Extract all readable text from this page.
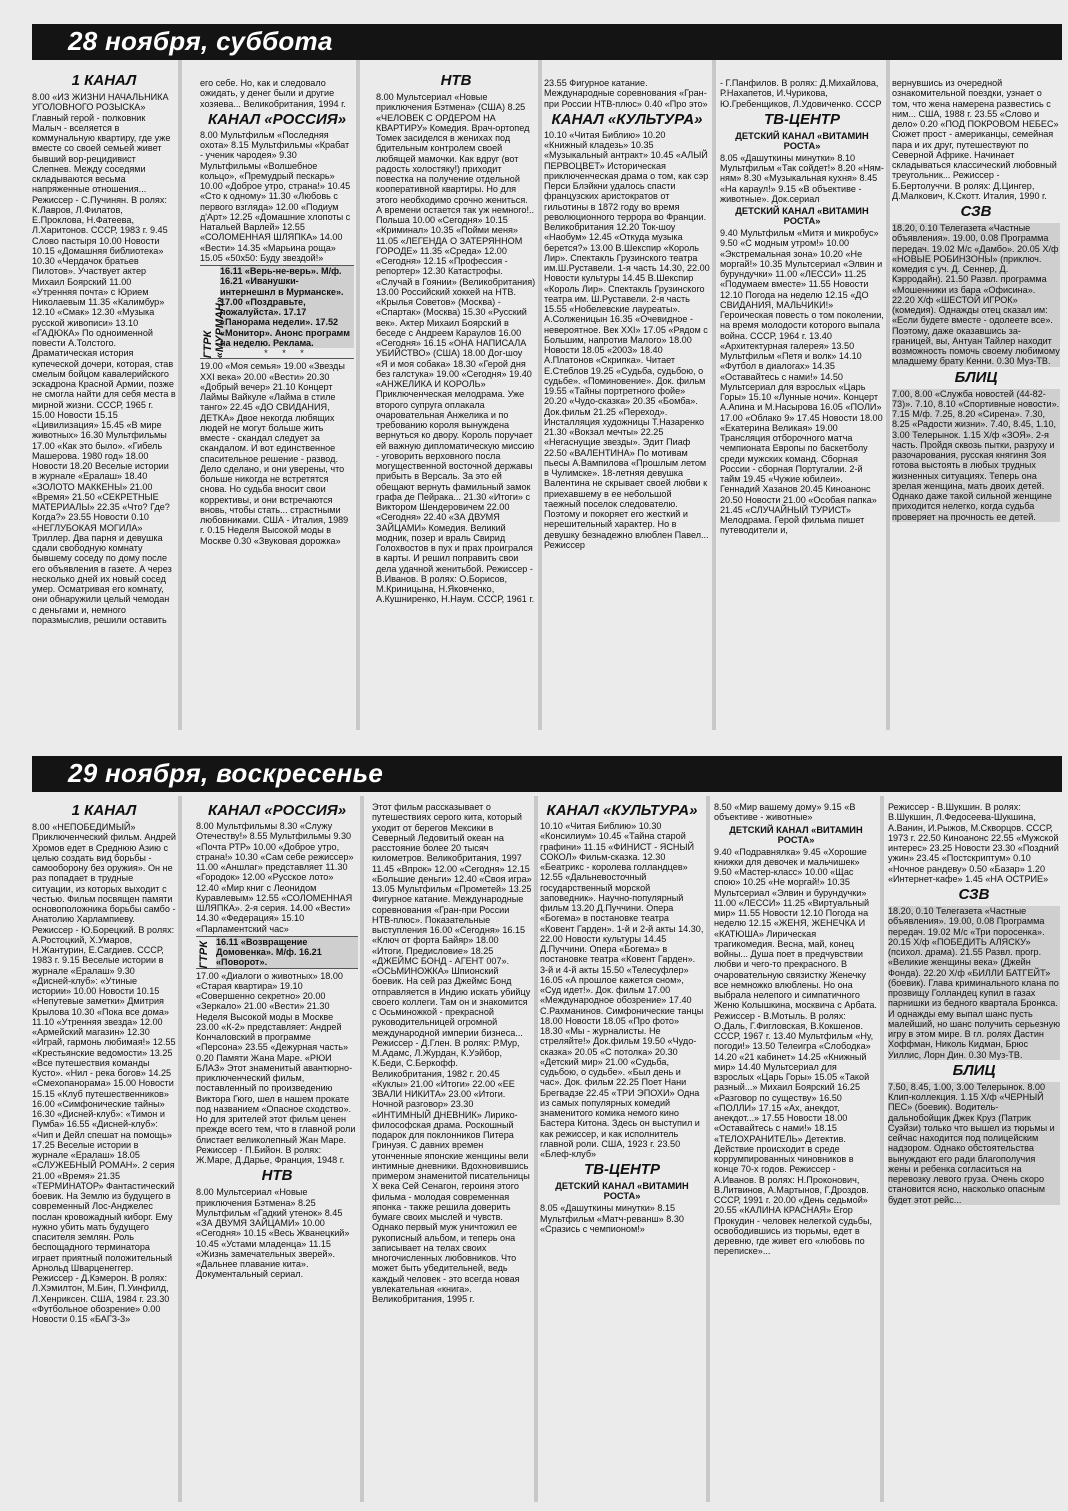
28 ноября, суббота
1 КАНАЛ

8.00 «ИЗ ЖИЗНИ НАЧАЛЬНИКА УГОЛОВНОГО РОЗЫСКА» Главный герой - полковник Малыч - вселяется в коммунальную квартиру, где уже вместе со своей семьей живет бывший вор-рецидивист Слепнев. Между соседями складываются весьма напряженные отношения... Режиссер - С.Пучинян. В ролях: К.Лавров, Л.Филатов, Е.Проклова, Н.Фатеева, Л.Харитонов. СССР, 1983 г. 9.45 Слово пастыря 10.00 Новости 10.15 «Домашняя библиотека» 10.30 «Чердачок братьев Пилотов». Участвует актер Михаил Боярский 11.00 «Утренняя почта» с Юрием Николаевым 11.35 «Калимбур» 12.10 «Смак» 12.30 «Музыка русской живописи» 13.10 «ГАДЮКА» По одноименной повести А.Толстого. Драматическая история купеческой дочери, которая, став смелым бойцом кавалерийского эскадрона Красной Армии, позже не смогла найти для себя места в мирной жизни. СССР, 1965 г. 15.00 Новости 15.15 «Цивилизация» 15.45 «В мире животных» 16.30 Мультфильмы 17.00 «Как это было». «Гибель Машерова. 1980 год» 18.00 Новости 18.20 Веселые истории в журнале «Ералаш» 18.40 «ЗОЛОТО МАККЕНЫ» 21.00 «Время» 21.50 «СЕКРЕТНЫЕ МАТЕРИАЛЫ» 22.35 «Что? Где? Когда?» 23.55 Новости 0.10 «НЕГЛУБОКАЯ МОГИЛА» Триллер. Два парня и девушка сдали свободную комнату бывшему соседу по дому после его объявления в газете. А через несколько дней их новый сосед умер. Осматривая его комнату, они обнаружили целый чемодан с деньгами и, немного поразмыслив, решили оставить

его себе. Но, как и следовало ожидать, у денег были и другие хозяева... Великобритания, 1994 г.

КАНАЛ «РОССИЯ»

8.00 Мультфильм «Последняя охота» 8.15 Мультфильмы «Крабат - ученик чародея» 9.30 Мультфильмы «Волшебное кольцо», «Премудрый пескарь» 10.00 «Доброе утро, страна!» 10.45 «Сто к одному» 11.30 «Любовь с первого взгляда» 12.00 «Подиум д'Арт» 12.25 «Домашние хлопоты с Натальей Варлей» 12.55 «СОЛОМЕННАЯ ШЛЯПКА» 14.00 «Вести» 14.35 «Марьина роща» 15.05 «50х50: Буду звездой!»

ГТРК «МУРМАН»

16.11 «Верь-не-верь». М/ф. 16.21 «Иванушки-интернешнл в Мурманске». 17.00 «Поздравьте, пожалуйста». 17.17 «Панорама недели». 17.52 «Монитор». Анонс программ на неделю. Реклама.

* * *

19.00 «Моя семья» 19.00 «Звезды XXI века» 20.00 «Вести» 20.30 «Добрый вечер» 21.10 Концерт Лаймы Вайкуле «Лайма в стиле танго» 22.45 «ДО СВИДАНИЯ, ДЕТКА» Двое некогда любящих людей не могут больше жить вместе - скандал следует за скандалом. И вот единственное спасительное решение - развод. Дело сделано, и они уверены, что больше никогда не встретятся снова. Но судьба вносит свои коррективы, и они встречаются вновь, чтобы стать... страстными любовниками. США - Италия, 1989 г. 0.15 Неделя Высокой моды в Москве 0.30 «Звуковая дорожка»

НТВ

8.00 Мультсериал «Новые приключения Бэтмена» (США) 8.25 «ЧЕЛОВЕК С ОРДЕРОМ НА КВАРТИРУ» Комедия. Врач-ортопед Томек засиделся в женихах под бдительным контролем своей любящей мамочки. Как вдруг (вот радость холостяку!) приходит повестка на получение отдельной кооперативной квартиры. Но для этого необходимо срочно жениться. А времени остается так уж немного!.. Польша 10.00 «Сегодня» 10.15 «Криминал» 10.35 «Пойми меня» 11.05 «ЛЕГЕНДА О ЗАТЕРЯННОМ ГОРОДЕ» 11.35 «Среда» 12.00 «Сегодня» 12.15 «Профессия - репортер» 12.30 Катастрофы. «Случай в Гоянии» (Великобритания) 13.00 Российский хоккей на НТВ. «Крылья Советов» (Москва) - «Спартак» (Москва) 15.30 «Русский век». Актер Михаил Боярский в беседе с Андреем Караулов 16.00 «Сегодня» 16.15 «ОНА НАПИСАЛА УБИЙСТВО» (США) 18.00 Дог-шоу «Я и моя собака» 18.30 «Герой дня без галстука» 19.00 «Сегодня» 19.40 «АНЖЕЛИКА И КОРОЛЬ» Приключенческая мелодрама. Уже второго супруга оплакала очаровательная Анжелика и по требованию короля вынуждена вернуться ко двору. Король поручает ей важную дипломатическую миссию - уговорить верховного посла могущественной восточной державы прибыть в Версаль. За это ей обещают вернуть фамильный замок графа де Пейрака... 21.30 «Итоги» с Виктором Шендеровичем 22.00 «Сегодня» 22.40 «ЗА ДВУМЯ ЗАЙЦАМИ» Комедия. Великий модник, позер и враль Свирид Голохвостов в пух и прах проигрался в карты. И решил поправить свои дела удачной женитьбой. Режиссер - В.Иванов. В ролях: О.Борисов, М.Криницына, Н.Яковченко, А.Кушниренко, Н.Наум. СССР, 1961 г.

23.55 Фигурное катание. Международные соревнования «Гран-при России НТВ-плюс» 0.40 «Про это»

КАНАЛ «КУЛЬТУРА»

10.10 «Читая Библию» 10.20 «Книжный кладезь» 10.35 «Музыкальный антракт» 10.45 «АЛЫЙ ПЕРВОЦВЕТ» Историческая приключенческая драма о том, как сэр Перси Блэйкни удалось спасти французских аристократов от гильотины в 1872 году во время революционного террора во Франции. Великобритания 12.20 Ток-шоу «Наобум» 12.45 «Откуда музыка берется?» 13.00 В.Шекспир «Король Лир». Спектакль Грузинского театра им.Ш.Руставели. 1-я часть 14.30, 22.00 Новости культуры 14.45 В.Шекспир «Король Лир». Спектакль Грузинского театра им. Ш.Руставели. 2-я часть 15.55 «Нобелевские лауреаты». А.Солженицын 16.35 «Очевидное - невероятное. Век XXI» 17.05 «Рядом с Большим, напротив Малого» 18.00 Новости 18.05 «2003» 18.40 А.Платонов «Скрипка». Читает Е.Стеблов 19.25 «Судьба, судьбою, о судьбе». «Поминовение». Док. фильм 19.55 «Тайны портретного фойе» 20.20 «Чудо-сказка» 20.35 «Бомба». Док.фильм 21.25 «Переход». Инсталляция художницы Т.Назаренко 21.30 «Вокзал мечты» 22.25 «Негаснущие звезды». Эдит Пиаф 22.50 «ВАЛЕНТИНА» По мотивам пьесы А.Вампилова «Прошлым летом в Чулимске». 18-летняя девушка Валентина не скрывает своей любви к приехавшему в ее небольшой таежный поселок следователю. Поэтому и покоряет его жесткий и нерешительный характер. Но в девушку безнадежно влюблен Павел... Режиссер

- Г.Панфилов. В ролях: Д.Михайлова, Р.Нахапетов, И.Чурикова, Ю.Гребенщиков, Л.Удовиченко. СССР

ТВ-ЦЕНТР
ДЕТСКИЙ КАНАЛ «ВИТАМИН РОСТА»

8.05 «Дашуткины минутки» 8.10 Мультфильм «Так сойдет!» 8.20 «Ням-ням» 8.30 «Музыкальная кухня» 8.45 «На караул!» 9.15 «В объективе - животные». Док.сериал

ДЕТСКИЙ КАНАЛ «ВИТАМИН РОСТА»

9.40 Мультфильм «Митя и микробус» 9.50 «С модным утром!» 10.00 «Экстремальная зона» 10.20 «Не моргай!» 10.35 Мультсериал «Элвин и бурундучки» 11.00 «ЛЕССИ» 11.25 «Подумаем вместе» 11.55 Новости 12.10 Погода на неделю 12.15 «ДО СВИДАНИЯ, МАЛЬЧИКИ!» Героическая повесть о том поколении, на время молодости которого выпала война. СССР, 1964 г. 13.40 «Архитектурная галерея» 13.50 Мультфильм «Петя и волк» 14.10 «Футбол в диалогах» 14.35 «Оставайтесь с нами!» 14.50 Мультсериал для взрослых «Царь Горы» 15.10 «Лунные ночи». Концерт А.Апина и М.Насырова 16.05 «ПОЛИ» 17.00 «Облако 9» 17.45 Новости 18.00 «Екатерина Великая» 19.00 Трансляция отборочного матча чемпионата Европы по баскетболу среди мужских команд. Сборная России - сборная Португалии. 2-й тайм 19.45 «Чужие юбилеи». Геннадий Хазанов 20.45 Киноанонс 20.50 Новости 21.00 «Особая папка» 21.45 «СЛУЧАЙНЫЙ ТУРИСТ» Мелодрама. Герой фильма пишет путеводители и,

вернувшись из очередной ознакомительной поездки, узнает о том, что жена намерена развестись с ним... США, 1988 г. 23.55 «Слово и дело» 0.20 «ПОД ПОКРОВОМ НЕБЕС» Сюжет прост - американцы, семейная пара и их друг, путешествуют по Северной Африке. Начинает складываться классический любовный треугольник... Режиссер - Б.Бертолуччи. В ролях: Д.Цингер, Д.Малкович, К.Скотт. Италия, 1990 г.

СЗВ

18.20, 0.10 Телегазета «Частные объявления». 19.00, 0.08 Программа передач. 19.02 М/с «Дамбо». 20.05 Х/ф «НОВЫЕ РОБИНЗОНЫ» (приключ. комедия с уч. Д. Сеннер, Д. Кэрродайн). 21.50 Развл. программа «Мошенники из бара «Офисина». 22.20 Х/ф «ШЕСТОЙ ИГРОК» (комедия). Однажды отец сказал им: «Если будете вместе - одолеете все». Поэтому, даже оказавшись за-границей, вы, Антуан Тайлер находит возможность помочь своему любимому младшему брату Кенни. 0.30 Муз-ТВ.

БЛИЦ

7.00, 8.00 «Служба новостей (44-82-73)». 7.10, 8.10 «Спортивные новости». 7.15 М/ф. 7.25, 8.20 «Сирена». 7.30, 8.25 «Радости жизни». 7.40, 8.45, 1.10, 3.00 Телерынок. 1.15 Х/ф «ЗОЯ». 2-я часть. Пройдя сквозь пытки, разруху и разочарования, русская княгиня Зоя готова выстоять в любых трудных жизненных ситуациях. Теперь она зрелая женщина, мать двоих детей. Однако даже такой сильной женщине приходится нелегко, когда судьба проверяет на прочность ее детей.

29 ноября, воскресенье
1 КАНАЛ

8.00 «НЕПОБЕДИМЫЙ» Приключенческий фильм. Андрей Хромов едет в Среднюю Азию с целью создать вид борьбы - самооборону без оружия». Он не раз попадает в трудные ситуации, из которых выходит с честью. Фильм посвящен памяти основоположника борьбы самбо - Анатолию Харлампиеву. Режиссер - Ю.Борецкий. В ролях: А.Ростоцкий, Х.Умаров, Н.Жантурин, Е.Сагдиев. СССР, 1983 г. 9.15 Веселые истории в журнале «Ералаш» 9.30 «Дисней-клуб»: «Утиные истории» 10.00 Новости 10.15 «Непутевые заметки» Дмитрия Крылова 10.30 «Пока все дома» 11.10 «Утренняя звезда» 12.00 «Армейский магазин» 12.30 «Играй, гармонь любимая!» 12.55 «Крестьянские ведомости» 13.25 «Все путешествия команды Кусто». «Нил - река богов» 14.25 «Смехопанорама» 15.00 Новости 15.15 «Клуб путешественников» 16.00 «Симфонические тайны» 16.30 «Дисней-клуб»: «Тимон и Пумба» 16.55 «Дисней-клуб»: «Чип и Дейл спешат на помощь» 17.25 Веселые истории в журнале «Ералаш» 18.05 «СЛУЖЕБНЫЙ РОМАН». 2 серия 21.00 «Время» 21.35 «ТЕРМИНАТОР» Фантастический боевик. На Землю из будущего в современный Лос-Анджелес послан кровожадный киборг. Ему нужно убить мать будущего спасителя землян. Роль беспощадного терминатора играет приятный положительный Арнольд Шварценеггер. Режиссер - Д.Кэмерон. В ролях: Л.Хэмилтон, М.Бин, П.Уинфилд, Л.Хенриксен. США, 1984 г. 23.30 «Футбольное обозрение» 0.00 Новости 0.15 «БАГЗ-3»

КАНАЛ «РОССИЯ»

8.00 Мультфильмы 8.30 «Служу Отечеству!» 8.55 Мультфильмы 9.30 «Почта РТР» 10.00 «Доброе утро, страна!» 10.30 «Сам себе режиссер» 11.00 «Аншлаг» представляет 11.30 «Городок» 12.00 «Русское лото» 12.40 «Мир книг с Леонидом Куравлевым» 12.55 «СОЛОМЕННАЯ ШЛЯПКА». 2-я серия. 14.00 «Вести» 14.30 «Федерация» 15.10 «Парламентский час»

ГТРК 16.11 «Возвращение Домовенка». М/ф. 16.21 «Поворот».

17.00 «Диалоги о животных» 18.00 «Старая квартира» 19.10 «Совершенно секретно» 20.00 «Зеркало» 21.00 «Вести» 21.30 Неделя Высокой моды в Москве 23.00 «К-2» представляет: Андрей Кончаловский в программе «Персона» 23.55 «Дежурная часть» 0.20 Памяти Жана Маре. «РЮИ БЛАЗ» Этот знаменитый авантюрно-приключенческий фильм, поставленный по произведению Виктора Гюго, шел в нашем прокате под названием «Опасное сходство». Но для зрителей этот фильм ценен прежде всего тем, что в главной роли блистает великолепный Жан Маре. Режиссер - П.Бийон. В ролях: Ж.Маре, Д.Дарье, Франция, 1948 г.

НТВ

8.00 Мультсериал «Новые приключения Бэтмена» 8.25 Мультфильм «Гадкий утенок» 8.45 «ЗА ДВУМЯ ЗАЙЦАМИ» 10.00 «Сегодня» 10.15 «Весь Жванецкий» 10.45 «Устами младенца» 11.15 «Жизнь замечательных зверей». «Дальнее плавание кита». Документальный сериал.

Этот фильм рассказывает о путешествиях серого кита, который уходит от берегов Мексики в Северный Ледовитый океан на расстояние более 20 тысяч километров. Великобритания, 1997 11.45 «Впрок» 12.00 «Сегодня» 12.15 «Большие деньги» 12.40 «Своя игра» 13.05 Мультфильм «Прометей» 13.25 Фигурное катание. Международные соревнования «Гран-при России НТВ-плюс». Показательные выступления 16.00 «Сегодня» 16.15 «Ключ от форта Байяр» 18.00 «Итоги. Предисловие» 18.25 «ДЖЕЙМС БОНД - АГЕНТ 007». «ОСЬМИНОЖКА» Шпионский боевик. На сей раз Джеймс Бонд отправляется в Индию искать убийцу своего коллеги. Там он и знакомится с Осьминожкой - прекрасной руководительницей огромной международной империи бизнеса... Режиссер - Д.Глен. В ролях: Р.Мур, М.Адамс, Л.Журдан, К.Уэйбор, К.Беди, С.Беркофф. Великобритания, 1982 г. 20.45 «Куклы» 21.00 «Итоги» 22.00 «ЕЕ ЗВАЛИ НИКИТА» 23.00 «Итоги. Ночной разговор» 23.30 «ИНТИМНЫЙ ДНЕВНИК» Лирико-философская драма. Роскошный подарок для поклонников Питера Гринуэя. С давних времен утонченные японские женщины вели интимные дневники. Вдохновившись примером знаменитой писательницы Х века Сей Сенагон, героиня этого фильма - молодая современная японка - также решила доверить бумаге своих мыслей и чувств. Однако первый муж уничтожил ее рукописный альбом, и теперь она записывает на телах своих многочисленных любовников. Что может быть убедительней, ведь каждый человек - это всегда новая увлекательная «книга». Великобритания, 1995 г.

КАНАЛ «КУЛЬТУРА»

10.10 «Читая Библию» 10.30 «Консилиум» 10.45 «Тайна старой графини» 11.15 «ФИНИСТ - ЯСНЫЙ СОКОЛ» Фильм-сказка. 12.30 «Беатрикс - королева голландцев» 12.55 «Дальневосточный государственный морской заповедник». Научно-популярный фильм 13.20 Д.Пуччини. Опера «Богема» в постановке театра «Ковент Гарден». 1-й и 2-й акты 14.30, 22.00 Новости культуры 14.45 Д.Пуччини. Опера «Богема» в постановке театра «Ковент Гарден». 3-й и 4-й акты 15.50 «Телесуфлер» 16.05 «А прошлое кажется сном», «Суд идет!». Док. фильм 17.00 «Международное обозрение» 17.40 С.Рахманинов. Симфонические танцы 18.00 Новости 18.05 «Про фото» 18.30 «Мы - журналисты. Не стреляйте!» Док.фильм 19.50 «Чудо-сказка» 20.05 «С потолка» 20.30 «Детский мир» 21.00 «Судьба, судьбою, о судьбе». «Был день и час». Док. фильм 22.25 Поет Нани Брегвадзе 22.45 «ТРИ ЭПОХИ» Одна из самых популярных комедий знаменитого комика немого кино Бастера Китона. Здесь он выступил и как режиссер, и как исполнитель главной роли. США, 1923 г. 23.50 «Блеф-клуб»

ТВ-ЦЕНТР
ДЕТСКИЙ КАНАЛ «ВИТАМИН РОСТА»

8.05 «Дашуткины минутки» 8.15 Мультфильм «Матч-реванш» 8.30 «Сразись с чемпионом!»

8.50 «Мир вашему дому» 9.15 «В объективе - животные»

ДЕТСКИЙ КАНАЛ «ВИТАМИН РОСТА»

9.40 «Подравнялка» 9.45 «Хорошие книжки для девочек и мальчишек» 9.50 «Мастер-класс» 10.00 «Щас спою» 10.25 «Не моргай!» 10.35 Мультсериал «Элвин и бурундучки» 11.00 «ЛЕССИ» 11.25 «Виртуальный мир» 11.55 Новости 12.10 Погода на неделю 12.15 «ЖЕНЯ, ЖЕНЕЧКА И «КАТЮША» Лирическая трагикомедия. Весна, май, конец войны... Душа поет в предчувствии любви и чего-то прекрасного. В очаровательную связистку Женечку все немножко влюблены. Но она выбрала нелепого и симпатичного Женю Колышкина, москвича с Арбата. Режиссер - В.Мотыль. В ролях: О.Даль, Г.Фигловская, В.Кокшенов. СССР, 1967 г. 13.40 Мультфильм «Ну, погоди!» 13.50 Телеигра «Слободка» 14.20 «21 кабинет» 14.25 «Книжный мир» 14.40 Мультсериал для взрослых «Царь Горы» 15.05 «Такой разный...» Михаил Боярский 16.25 «Разговор по существу» 16.50 «ПОЛЛИ» 17.15 «Ах, анекдот, анекдот...» 17.55 Новости 18.00 «Оставайтесь с нами!» 18.15 «ТЕЛОХРАНИТЕЛЬ» Детектив. Действие происходит в среде коррумпированных чиновников в конце 70-х годов. Режиссер - А.Иванов. В ролях: Н.Проконович, В.Литвинов, А.Мартынов, Г.Дроздов. СССР, 1991 г. 20.00 «День седьмой» 20.55 «КАЛИНА КРАСНАЯ» Егор Прокудин - человек нелегкой судьбы, освободившись из тюрьмы, едет в деревню, где живет его «любовь по переписке»...

Режиссер - В.Шукшин. В ролях: В.Шукшин, Л.Федосеева-Шукшина, А.Ванин, И.Рыжов, М.Скворцов. СССР, 1973 г. 22.50 Киноанонс 22.55 «Мужской интерес» 23.25 Новости 23.30 «Поздний ужин» 23.45 «Постскриптум» 0.10 «Ночное рандеву» 0.50 «Базар» 1.20 «Интернет-кафе» 1.45 «НА ОСТРИЕ»

СЗВ

18.20, 0.10 Телегазета «Частные объявления». 19.00, 0.08 Программа передач. 19.02 М/с «Три поросенка». 20.15 Х/ф «ПОБЕДИТЬ АЛЯСКУ» (психол. драма). 21.55 Развл. прогр. «Великие женщины века» (Джейн Фонда). 22.20 Х/ф «БИЛЛИ БАТГЕЙТ» (боевик). Глава криминального клана по прозвищу Голландец купил в газах парнишки из бедного квартала Бронкса. И однажды ему выпал шанс пусть малейший, но шанс получить серьезную игру в этом мире. В гл. ролях Дастин Хоффман, Николь Кидман, Брюс Уиллис, Лорн Дин. 0.30 Муз-ТВ.

БЛИЦ

7.50, 8.45, 1.00, 3.00 Телерынок. 8.00 Клип-коллекция. 1.15 Х/ф «ЧЕРНЫЙ ПЕС» (боевик). Водитель-дальнобойщик Джек Круз (Патрик Суэйзи) только что вышел из тюрьмы и сейчас находится под полицейским надзором. Однако обстоятельства вынуждают его ради благополучия жены и ребенка согласиться на перевозку левого груза. Очень скоро становится ясно, насколько опасным будет этот рейс...
